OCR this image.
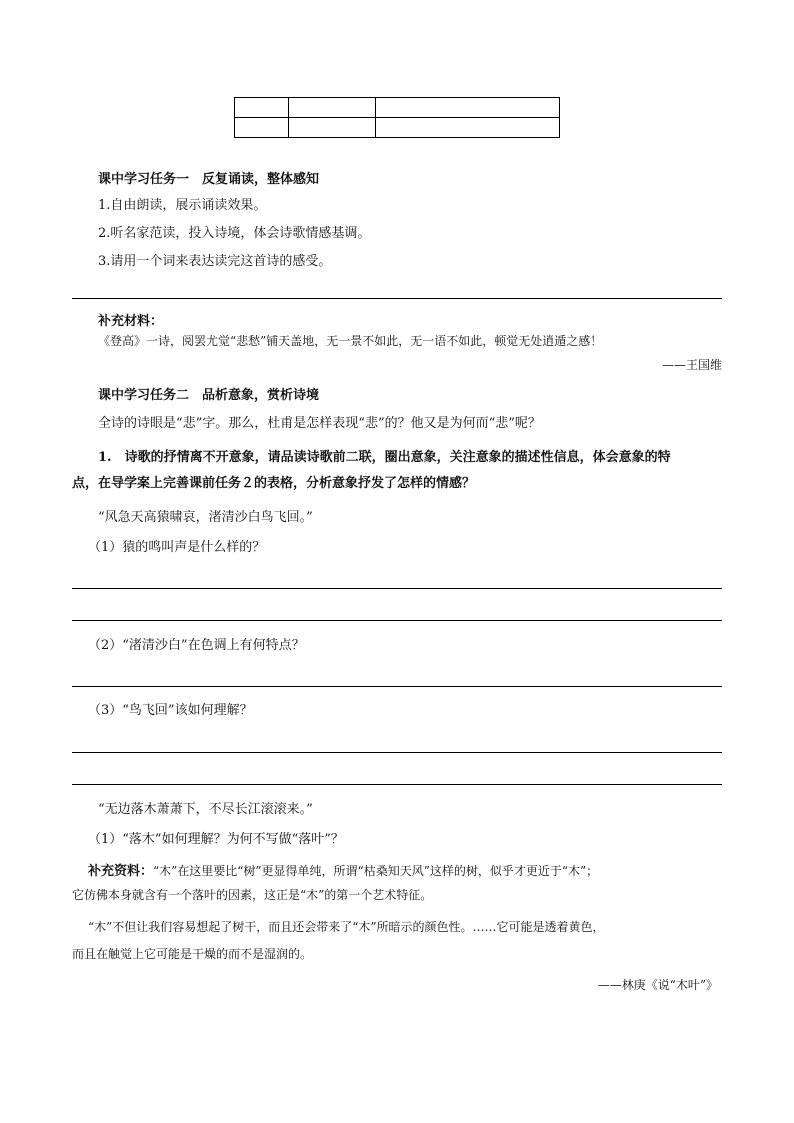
课中学习任务一　反复诵读，整体感知
1.自由朗读，展示诵读效果。
2.听名家范读，投入诗境，体会诗歌情感基调。
3.请用一个词来表达读完这首诗的感受。
补充材料：
《登高》一诗，阅罢尤觉“悲愁”铺天盖地，无一景不如此，无一语不如此，顿觉无处逍遁之感！
——王国维
课中学习任务二　品析意象，赏析诗境
全诗的诗眼是“悲”字。那么，杜甫是怎样表现“悲”的？他又是为何而“悲”呢？
1.　诗歌的抒情离不开意象，请品读诗歌前二联，圈出意象，关注意象的描述性信息，体会意象的特
点，在导学案上完善课前任务２的表格，分析意象抒发了怎样的情感？
“风急天高猿啸哀，渚清沙白鸟飞回。”
（1）猿的鸣叫声是什么样的？
（2）“渚清沙白”在色调上有何特点？
（3）“鸟飞回”该如何理解？
“无边落木萧萧下，不尽长江滚滚来。”
（1）“落木”如何理解？为何不写做“落叶”？
补充资料：“木”在这里要比“树”更显得单纯，所谓“枯桑知天风”这样的树，似乎才更近于“木”；
它仿佛本身就含有一个落叶的因素，这正是“木”的第一个艺术特征。
“木”不但让我们容易想起了树干，而且还会带来了“木”所暗示的颜色性。……它可能是透着黄色，
而且在触觉上它可能是干燥的而不是湿润的。
——林庚《说“木叶”》
